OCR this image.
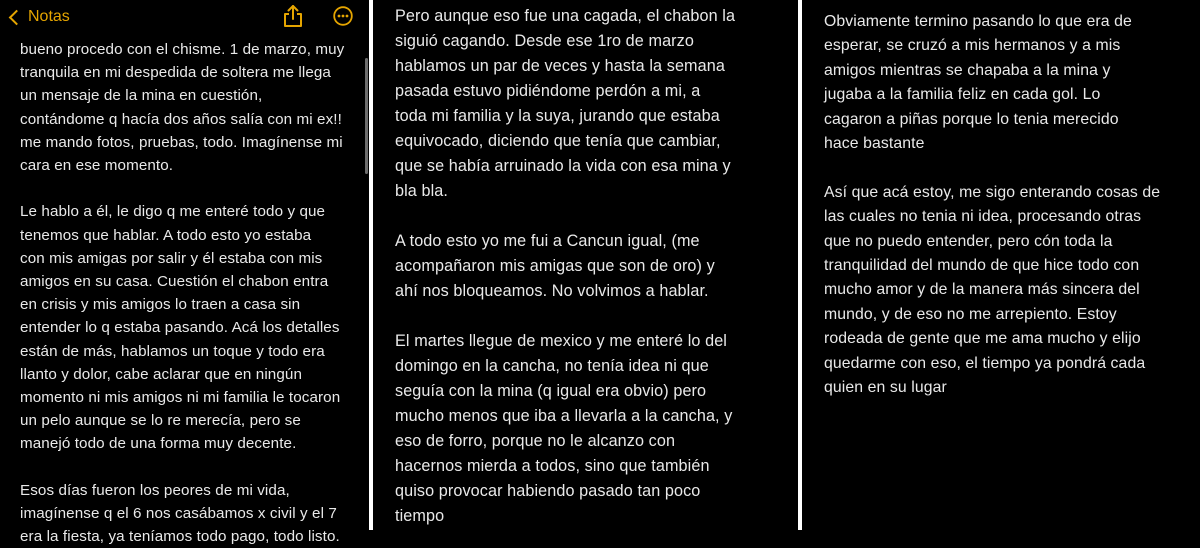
Notas
bueno procedo con el chisme. 1 de marzo, muy
tranquila en mi despedida de soltera me llega
un mensaje de la mina en cuestión,
contándome q hacía dos años salía con mi ex!!
me mando fotos, pruebas, todo. Imagínense mi
cara en ese momento.

Le hablo a él, le digo q me enteré todo y que
tenemos que hablar. A todo esto yo estaba
con mis amigas por salir y él estaba con mis
amigos en su casa. Cuestión el chabon entra
en crisis y mis amigos lo traen a casa sin
entender lo q estaba pasando. Acá los detalles
están de más, hablamos un toque y todo era
llanto y dolor, cabe aclarar que en ningún
momento ni mis amigos ni mi familia le tocaron
un pelo aunque se lo re merecía, pero se
manejó todo de una forma muy decente.

Esos días fueron los peores de mi vida,
imagínense q el 6 nos casábamos x civil y el 7
era la fiesta, ya teníamos todo pago, todo listo.
Pero aunque eso fue una cagada, el chabon la
siguió cagando. Desde ese 1ro de marzo
hablamos un par de veces y hasta la semana
pasada estuvo pidiéndome perdón a mi, a
toda mi familia y la suya, jurando que estaba
equivocado, diciendo que tenía que cambiar,
que se había arruinado la vida con esa mina y
bla bla.

A todo esto yo me fui a Cancun igual, (me
acompañaron mis amigas que son de oro) y
ahí nos bloqueamos. No volvimos a hablar.

El martes llegue de mexico y me enteré lo del
domingo en la cancha, no tenía idea ni que
seguía con la mina (q igual era obvio) pero
mucho menos que iba a llevarla a la cancha, y
eso de forro, porque no le alcanzo con
hacernos mierda a todos, sino que también
quiso provocar habiendo pasado tan poco
tiempo
Obviamente termino pasando lo que era de
esperar, se cruzó a mis hermanos y a mis
amigos mientras se chapaba a la mina y
jugaba a la familia feliz en cada gol. Lo
cagaron a piñas porque lo tenia merecido
hace bastante

Así que acá estoy, me sigo enterando cosas de
las cuales no tenia ni idea, procesando otras
que no puedo entender, pero cón toda la
tranquilidad del mundo de que hice todo con
mucho amor y de la manera más sincera del
mundo, y de eso no me arrepiento. Estoy
rodeada de gente que me ama mucho y elijo
quedarme con eso, el tiempo ya pondrá cada
quien en su lugar
